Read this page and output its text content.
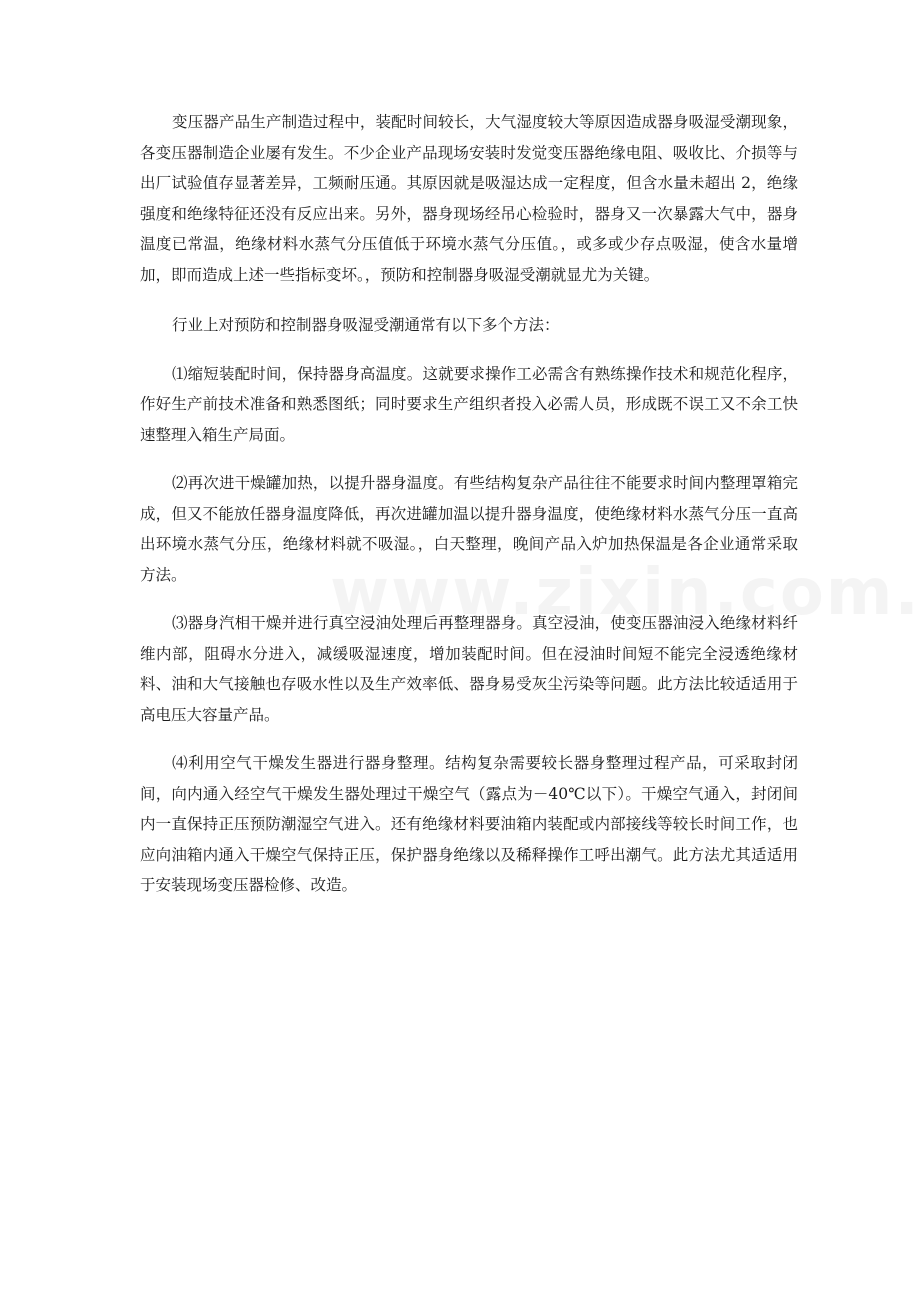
变压器产品生产制造过程中，装配时间较长，大气湿度较大等原因造成器身吸湿受潮现象，各变压器制造企业屡有发生。不少企业产品现场安装时发觉变压器绝缘电阻、吸收比、介损等与出厂试验值存显著差异，工频耐压通。其原因就是吸湿达成一定程度，但含水量未超出 2，绝缘强度和绝缘特征还没有反应出来。另外，器身现场经吊心检验时，器身又一次暴露大气中，器身温度已常温，绝缘材料水蒸气分压值低于环境水蒸气分压值。，或多或少存点吸湿，使含水量增加，即而造成上述一些指标变坏。，预防和控制器身吸湿受潮就显尤为关键。

行业上对预防和控制器身吸湿受潮通常有以下多个方法：

⑴缩短装配时间，保持器身高温度。这就要求操作工必需含有熟练操作技术和规范化程序，作好生产前技术准备和熟悉图纸；同时要求生产组织者投入必需人员，形成既不误工又不余工快速整理入箱生产局面。

⑵再次进干燥罐加热，以提升器身温度。有些结构复杂产品往往不能要求时间内整理罩箱完成，但又不能放任器身温度降低，再次进罐加温以提升器身温度，使绝缘材料水蒸气分压一直高出环境水蒸气分压，绝缘材料就不吸湿。，白天整理，晚间产品入炉加热保温是各企业通常采取方法。

⑶器身汽相干燥并进行真空浸油处理后再整理器身。真空浸油，使变压器油浸入绝缘材料纤维内部，阻碍水分进入，减缓吸湿速度，增加装配时间。但在浸油时间短不能完全浸透绝缘材料、油和大气接触也存吸水性以及生产效率低、器身易受灰尘污染等问题。此方法比较适适用于高电压大容量产品。

⑷利用空气干燥发生器进行器身整理。结构复杂需要较长器身整理过程产品，可采取封闭间，向内通入经空气干燥发生器处理过干燥空气（露点为－40℃以下）。干燥空气通入，封闭间内一直保持正压预防潮湿空气进入。还有绝缘材料要油箱内装配或内部接线等较长时间工作，也应向油箱内通入干燥空气保持正压，保护器身绝缘以及稀释操作工呼出潮气。此方法尤其适适用于安装现场变压器检修、改造。
